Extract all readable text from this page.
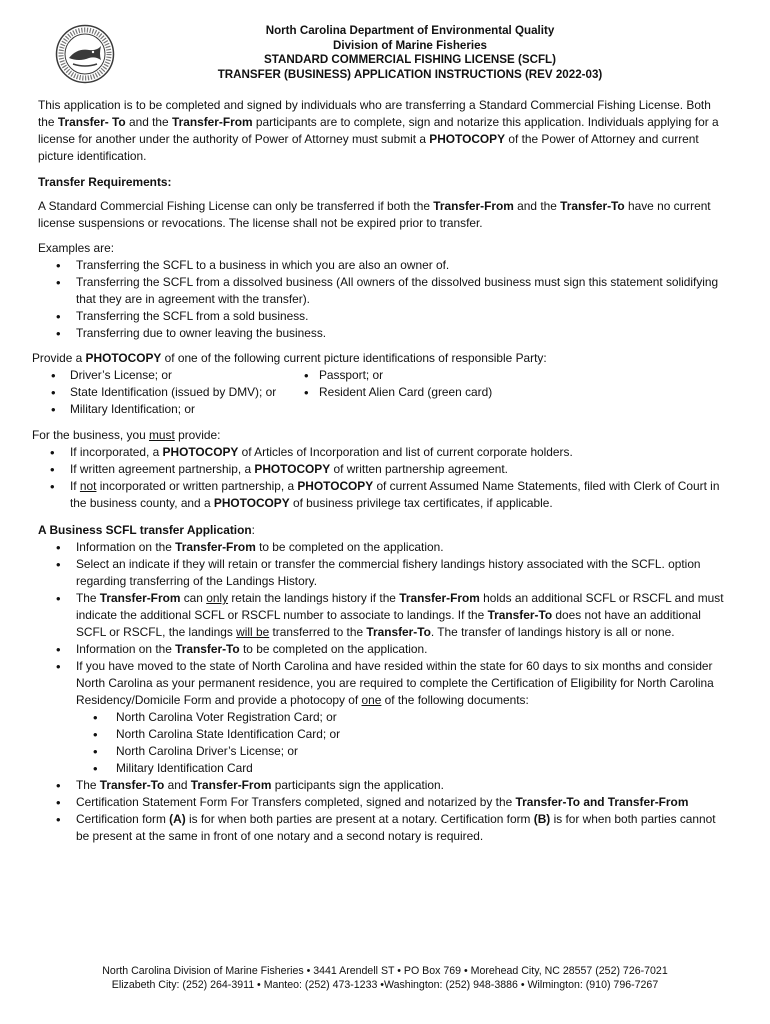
North Carolina Department of Environmental Quality
Division of Marine Fisheries
STANDARD COMMERCIAL FISHING LICENSE (SCFL)
TRANSFER (BUSINESS) APPLICATION INSTRUCTIONS (REV 2022-03)

This application is to be completed and signed by individuals who are transferring a Standard Commercial Fishing License. Both the Transfer- To and the Transfer-From participants are to complete, sign and notarize this application. Individuals applying for a license for another under the authority of Power of Attorney must submit a PHOTOCOPY of the Power of Attorney and current picture identification.

Transfer Requirements:

A Standard Commercial Fishing License can only be transferred if both the Transfer-From and the Transfer-To have no current license suspensions or revocations. The license shall not be expired prior to transfer.

Examples are:

• Transferring the SCFL to a business in which you are also an owner of.
• Transferring the SCFL from a dissolved business (All owners of the dissolved business must sign this statement solidifying that they are in agreement with the transfer).
• Transferring the SCFL from a sold business.
• Transferring due to owner leaving the business.

Provide a PHOTOCOPY of one of the following current picture identifications of responsible Party:

• Driver’s License; or	• Passport; or
• State Identification (issued by DMV); or	• Resident Alien Card (green card)
• Military Identification; or

For the business, you must provide:

• If incorporated, a PHOTOCOPY of Articles of Incorporation and list of current corporate holders.
• If written agreement partnership, a PHOTOCOPY of written partnership agreement.
• If not incorporated or written partnership, a PHOTOCOPY of current Assumed Name Statements, filed with Clerk of Court in the business county, and a PHOTOCOPY of business privilege tax certificates, if applicable.

A Business SCFL transfer Application:

• Information on the Transfer-From to be completed on the application.
• Select an indicate if they will retain or transfer the commercial fishery landings history associated with the SCFL. option regarding transferring of the Landings History.
• The Transfer-From can only retain the landings history if the Transfer-From holds an additional SCFL or RSCFL and must indicate the additional SCFL or RSCFL number to associate to landings. If the Transfer-To does not have an additional SCFL or RSCFL, the landings will be transferred to the Transfer-To. The transfer of landings history is all or none.
• Information on the Transfer-To to be completed on the application.
• If you have moved to the state of North Carolina and have resided within the state for 60 days to six months and consider North Carolina as your permanent residence, you are required to complete the Certification of Eligibility for North Carolina Residency/Domicile Form and provide a photocopy of one of the following documents:
• North Carolina Voter Registration Card; or
• North Carolina State Identification Card; or
• North Carolina Driver’s License; or
• Military Identification Card
• The Transfer-To and Transfer-From participants sign the application.
• Certification Statement Form For Transfers completed, signed and notarized by the Transfer-To and Transfer-From
• Certification form (A) is for when both parties are present at a notary. Certification form (B) is for when both parties cannot be present at the same in front of one notary and a second notary is required.
North Carolina Division of Marine Fisheries • 3441 Arendell ST • PO Box 769 • Morehead City, NC 28557 (252) 726-7021
Elizabeth City: (252) 264-3911 • Manteo: (252) 473-1233 •Washington: (252) 948-3886 • Wilmington: (910) 796-7267
